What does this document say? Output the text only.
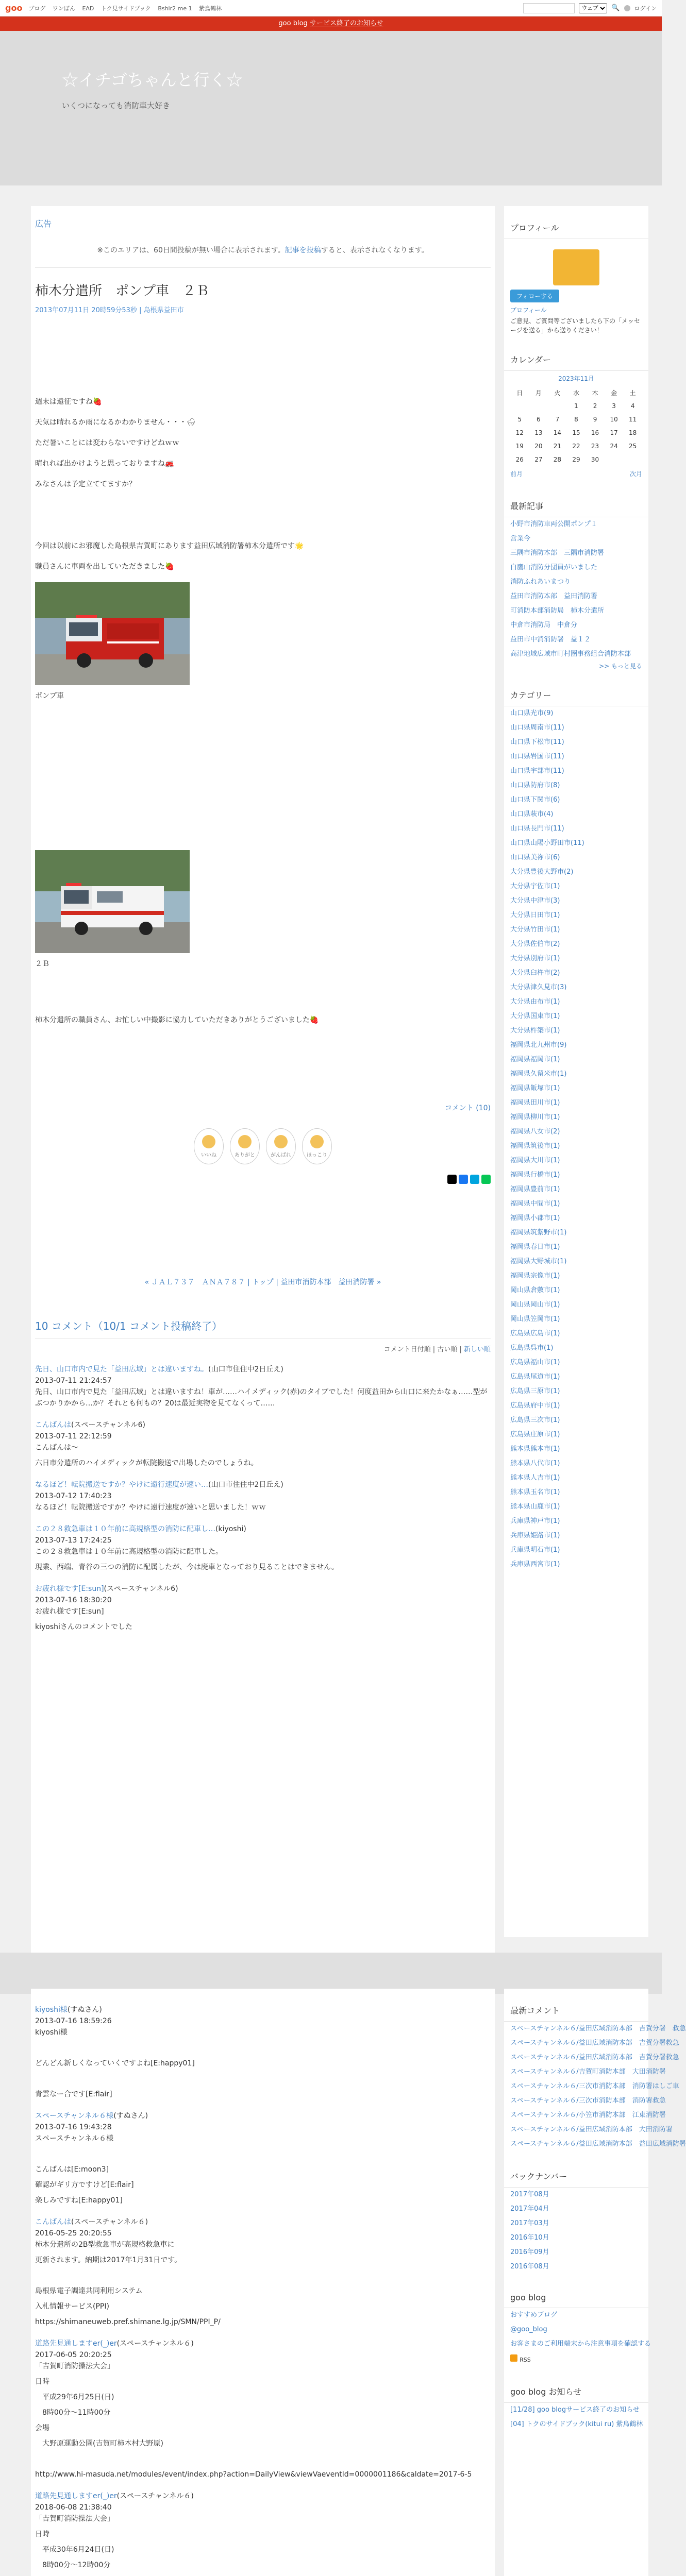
goo ブログ ワンぼん EAD トク見サイドブック Bshir2 me 1 紫烏鶴林
ウェブ	🔍	ログイン
goo blog サービス終了のお知らせ
☆イチゴちゃんと行く☆
いくつになっても消防車大好き
広告
※このエリアは、60日間投稿が無い場合に表示されます。記事を投稿すると、表示されなくなります。
柿木分遣所　ポンプ車　２Ｂ
2013年07月11日 20時59分53秒 | 島根県益田市

週末は遠征ですね🍓

天気は晴れるか雨になるかわかりません・・・🌧

ただ暑いことには変わらないですけどねｗｗ

晴れれば出かけようと思っておりますね🚒

みなさんは予定立ててますか？

今回は以前にお邪魔した島根県吉賀町にあります益田広域消防署柿木分遣所です🌟

職員さんに車両を出していただきました🍓

ポンプ車
２Ｂ

柿木分遣所の職員さん、お忙しい中撮影に協力していただきありがとうございました🍓

コメント (10)
いいね	ありがと	がんばれ	ほっこり
« ＪＡＬ７３７　ＡＮＡ７８７ | トップ | 益田市消防本部　益田消防署 »
10 コメント（10/1 コメント投稿終了）
コメント日付順 | 古い順 | 新しい順
先日、山口市内で見た「益田広域」とは違いますね。(山口市住住中2日丘え)
2013-07-11 21:24:57
先日、山口市内で見た「益田広域」とは違いますね！車が……ハイメディック(赤)のタイプでした！何度益田から山口に来たかなぁ……型がぶつかりかから…か？それとも何もの？20は最近実物を見てなくって……
こんばんは(スペースチャンネル6)
2013-07-11 22:12:59
こんばんは〜
六日市分遣所のハイメディックが転院搬送で出場したのでしょうね。
なるほど！転院搬送ですか？やけに遠行速度が速い…(山口市住住中2日丘え)
2013-07-12 17:40:23
なるほど！転院搬送ですか？やけに遠行速度が速いと思いました！ｗｗ
この２８救急車は１０年前に高規格型の消防に配車し…(kiyoshi)
2013-07-13 17:24:25
この２８救急車は１０年前に高規格型の消防に配車した。
現業、西端、青谷の三つの消防に配属したが、今は廃車となっており見ることはできません。
お疲れ様です[E:sun](スペースチャンネル6)
2013-07-16 18:30:20
お疲れ様です[E:sun]
kiyoshiさんのコメントでした
kiyoshi様(すぬさん)
2013-07-16 18:59:26
kiyoshi様
どんどん新しくなっていくですよね[E:happy01]
青雲なー合です[E:flair]
スペースチャンネル６様(すぬさん)
2013-07-16 19:43:28
スペースチャンネル６様
こんばんは[E:moon3]
確認がギリ方ですけど[E:flair]
楽しみですね[E:happy01]
こんばんは(スペースチャンネル６)
2016-05-25 20:20:55
柿木分遣所の2B型救急車が高規格救急車に
更新されます。納期は2017年1月31日です。
島根県電子調達共同利用システム
入札情報サービス(PPI)
https://shimaneuweb.pref.shimane.lg.jp/SMN/PPI_P/
道路先見通しますer(_)er(スペースチャンネル６)
2017-06-05 20:20:25
「吉賀町消防操法大会」
日時
　平成29年6月25日(日)
　8時00分〜11時00分
会場
　大野原運動公園(吉賀町柿木村大野原)
http://www.hi-masuda.net/modules/event/index.php?action=DailyView&viewVaeventId=0000001186&caldate=2017-6-5
道路先見通しますer(_)er(スペースチャンネル６)
2018-06-08 21:38:40
「吉賀町消防操法大会」
日時
　平成30年6月24日(日)
　8時00分〜12時00分
プロフィール
フォローする
プロフィール
ご意見、ご質問等ございましたら下の「メッセージを送る」から送りください！
カレンダー
2023年11月
日	月	火	水	木	金	土
			1	2	3	4
5	6	7	8	9	10	11
12	13	14	15	16	17	18
19	20	21	22	23	24	25
26	27	28	29	30		
前月	次月
最新記事
小野市消防車両公開ポンプ１
営業今
三隅市消防本部　三隅市消防署
白鷹山消防分団員がいました
消防ふれあいまつり
益田市消防本部　益田消防署
町消防本部消防局　柿木分遣所
中倉市消防局　中倉分
益田市中消消防署　益１２
高津地域広域市町村圏事務組合消防本部
>> もっと見る
カテゴリー
山口県光市(9)
山口県周南市(11)
山口県下松市(11)
山口県岩国市(11)
山口県宇部市(11)
山口県防府市(8)
山口県下関市(6)
山口県萩市(4)
山口県長門市(11)
山口県山陽小野田市(11)
山口県美祢市(6)
大分県豊後大野市(2)
大分県宇佐市(1)
大分県中津市(3)
大分県日田市(1)
大分県竹田市(1)
大分県佐伯市(2)
大分県別府市(1)
大分県臼杵市(2)
大分県津久見市(3)
大分県由布市(1)
大分県国東市(1)
大分県杵築市(1)
福岡県北九州市(9)
福岡県福岡市(1)
福岡県久留米市(1)
福岡県飯塚市(1)
福岡県田川市(1)
福岡県柳川市(1)
福岡県八女市(2)
福岡県筑後市(1)
福岡県大川市(1)
福岡県行橋市(1)
福岡県豊前市(1)
福岡県中間市(1)
福岡県小郡市(1)
福岡県筑紫野市(1)
福岡県春日市(1)
福岡県大野城市(1)
福岡県宗像市(1)
岡山県倉敷市(1)
岡山県岡山市(1)
岡山県笠岡市(1)
広島県広島市(1)
広島県呉市(1)
広島県福山市(1)
広島県尾道市(1)
広島県三原市(1)
広島県府中市(1)
広島県三次市(1)
広島県庄原市(1)
熊本県熊本市(1)
熊本県八代市(1)
熊本県人吉市(1)
熊本県玉名市(1)
熊本県山鹿市(1)
兵庫県神戸市(1)
兵庫県姫路市(1)
兵庫県明石市(1)
兵庫県西宮市(1)
最新コメント
スペースチャンネル６/益田広域消防本部　吉賀分署　救急
スペースチャンネル６/益田広域消防本部　吉賀分署救急
スペースチャンネル６/益田広域消防本部　吉賀分署救急
スペースチャンネル６/吉賀町消防本部　大田消防署
スペースチャンネル６/三次市消防本部　消防署はしご車
スペースチャンネル６/三次市消防本部　消防署救急
スペースチャンネル６/小笠市消防本部　江東消防署
スペースチャンネル６/益田広域消防本部　大田消防署
スペースチャンネル６/益田広域消防本部　益田広域消防署
バックナンバー
2017年08月
2017年04月
2017年03月
2016年10月
2016年09月
2016年08月
goo blog
おすすめブログ
@goo_blog
お客さまのご利用端末から注意事項を確認する
RSS
goo blog お知らせ
[11/28] goo blogサービス終了のお知らせ
[04] トクのサイドブック(kitui ru) 紫烏鶴林
